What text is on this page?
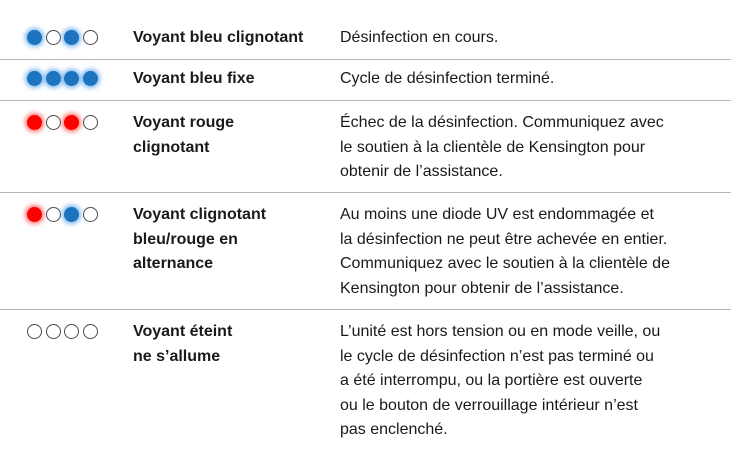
Voyant bleu clignotant	Désinfection en cours.
Voyant bleu fixe	Cycle de désinfection terminé.
Voyant rouge
clignotant
Échec de la désinfection. Communiquez avec
le soutien à la clientèle de Kensington pour
obtenir de l’assistance.
Voyant clignotant
bleu/rouge en
alternance
Au moins une diode UV est endommagée et
la désinfection ne peut être achevée en entier.
Communiquez avec le soutien à la clientèle de
Kensington pour obtenir de l’assistance.
Voyant éteint
ne s’allume
L’unité est hors tension ou en mode veille, ou
le cycle de désinfection n’est pas terminé ou
a été interrompu, ou la portière est ouverte
ou le bouton de verrouillage intérieur n’est
pas enclenché.
